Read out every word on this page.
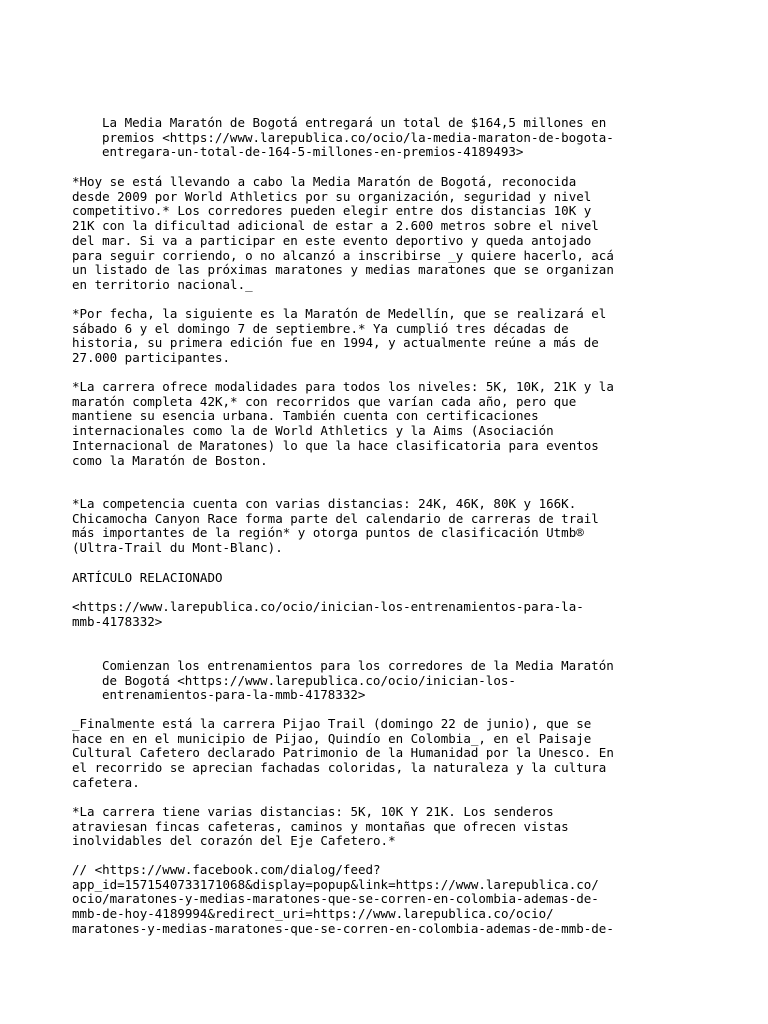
La Media Maratón de Bogotá entregará un total de $164,5 millones en
premios <https://www.larepublica.co/ocio/la-media-maraton-de-bogota-
entregara-un-total-de-164-5-millones-en-premios-4189493>
*Hoy se está llevando a cabo la Media Maratón de Bogotá, reconocida
desde 2009 por World Athletics por su organización, seguridad y nivel
competitivo.* Los corredores pueden elegir entre dos distancias 10K y
21K con la dificultad adicional de estar a 2.600 metros sobre el nivel
del mar. Si va a participar en este evento deportivo y queda antojado
para seguir corriendo, o no alcanzó a inscribirse _y quiere hacerlo, acá
un listado de las próximas maratones y medias maratones que se organizan
en territorio nacional._
*Por fecha, la siguiente es la Maratón de Medellín, que se realizará el
sábado 6 y el domingo 7 de septiembre.* Ya cumplió tres décadas de
historia, su primera edición fue en 1994, y actualmente reúne a más de
27.000 participantes.
*La carrera ofrece modalidades para todos los niveles: 5K, 10K, 21K y la
maratón completa 42K,* con recorridos que varían cada año, pero que
mantiene su esencia urbana. También cuenta con certificaciones
internacionales como la de World Athletics y la Aims (Asociación
Internacional de Maratones) lo que la hace clasificatoria para eventos
como la Maratón de Boston.
*La competencia cuenta con varias distancias: 24K, 46K, 80K y 166K.
Chicamocha Canyon Race forma parte del calendario de carreras de trail
más importantes de la región* y otorga puntos de clasificación Utmb®
(Ultra-Trail du Mont-Blanc).
ARTÍCULO RELACIONADO
<https://www.larepublica.co/ocio/inician-los-entrenamientos-para-la-
mmb-4178332>
Comienzan los entrenamientos para los corredores de la Media Maratón
de Bogotá <https://www.larepublica.co/ocio/inician-los-
entrenamientos-para-la-mmb-4178332>
_Finalmente está la carrera Pijao Trail (domingo 22 de junio), que se
hace en en el municipio de Pijao, Quindío en Colombia_, en el Paisaje
Cultural Cafetero declarado Patrimonio de la Humanidad por la Unesco. En
el recorrido se aprecian fachadas coloridas, la naturaleza y la cultura
cafetera.
*La carrera tiene varias distancias: 5K, 10K Y 21K. Los senderos
atraviesan fincas cafeteras, caminos y montañas que ofrecen vistas
inolvidables del corazón del Eje Cafetero.*
// <https://www.facebook.com/dialog/feed?
app_id=1571540733171068&display=popup&link=https://www.larepublica.co/
ocio/maratones-y-medias-maratones-que-se-corren-en-colombia-ademas-de-
mmb-de-hoy-4189994&redirect_uri=https://www.larepublica.co/ocio/
maratones-y-medias-maratones-que-se-corren-en-colombia-ademas-de-mmb-de-
